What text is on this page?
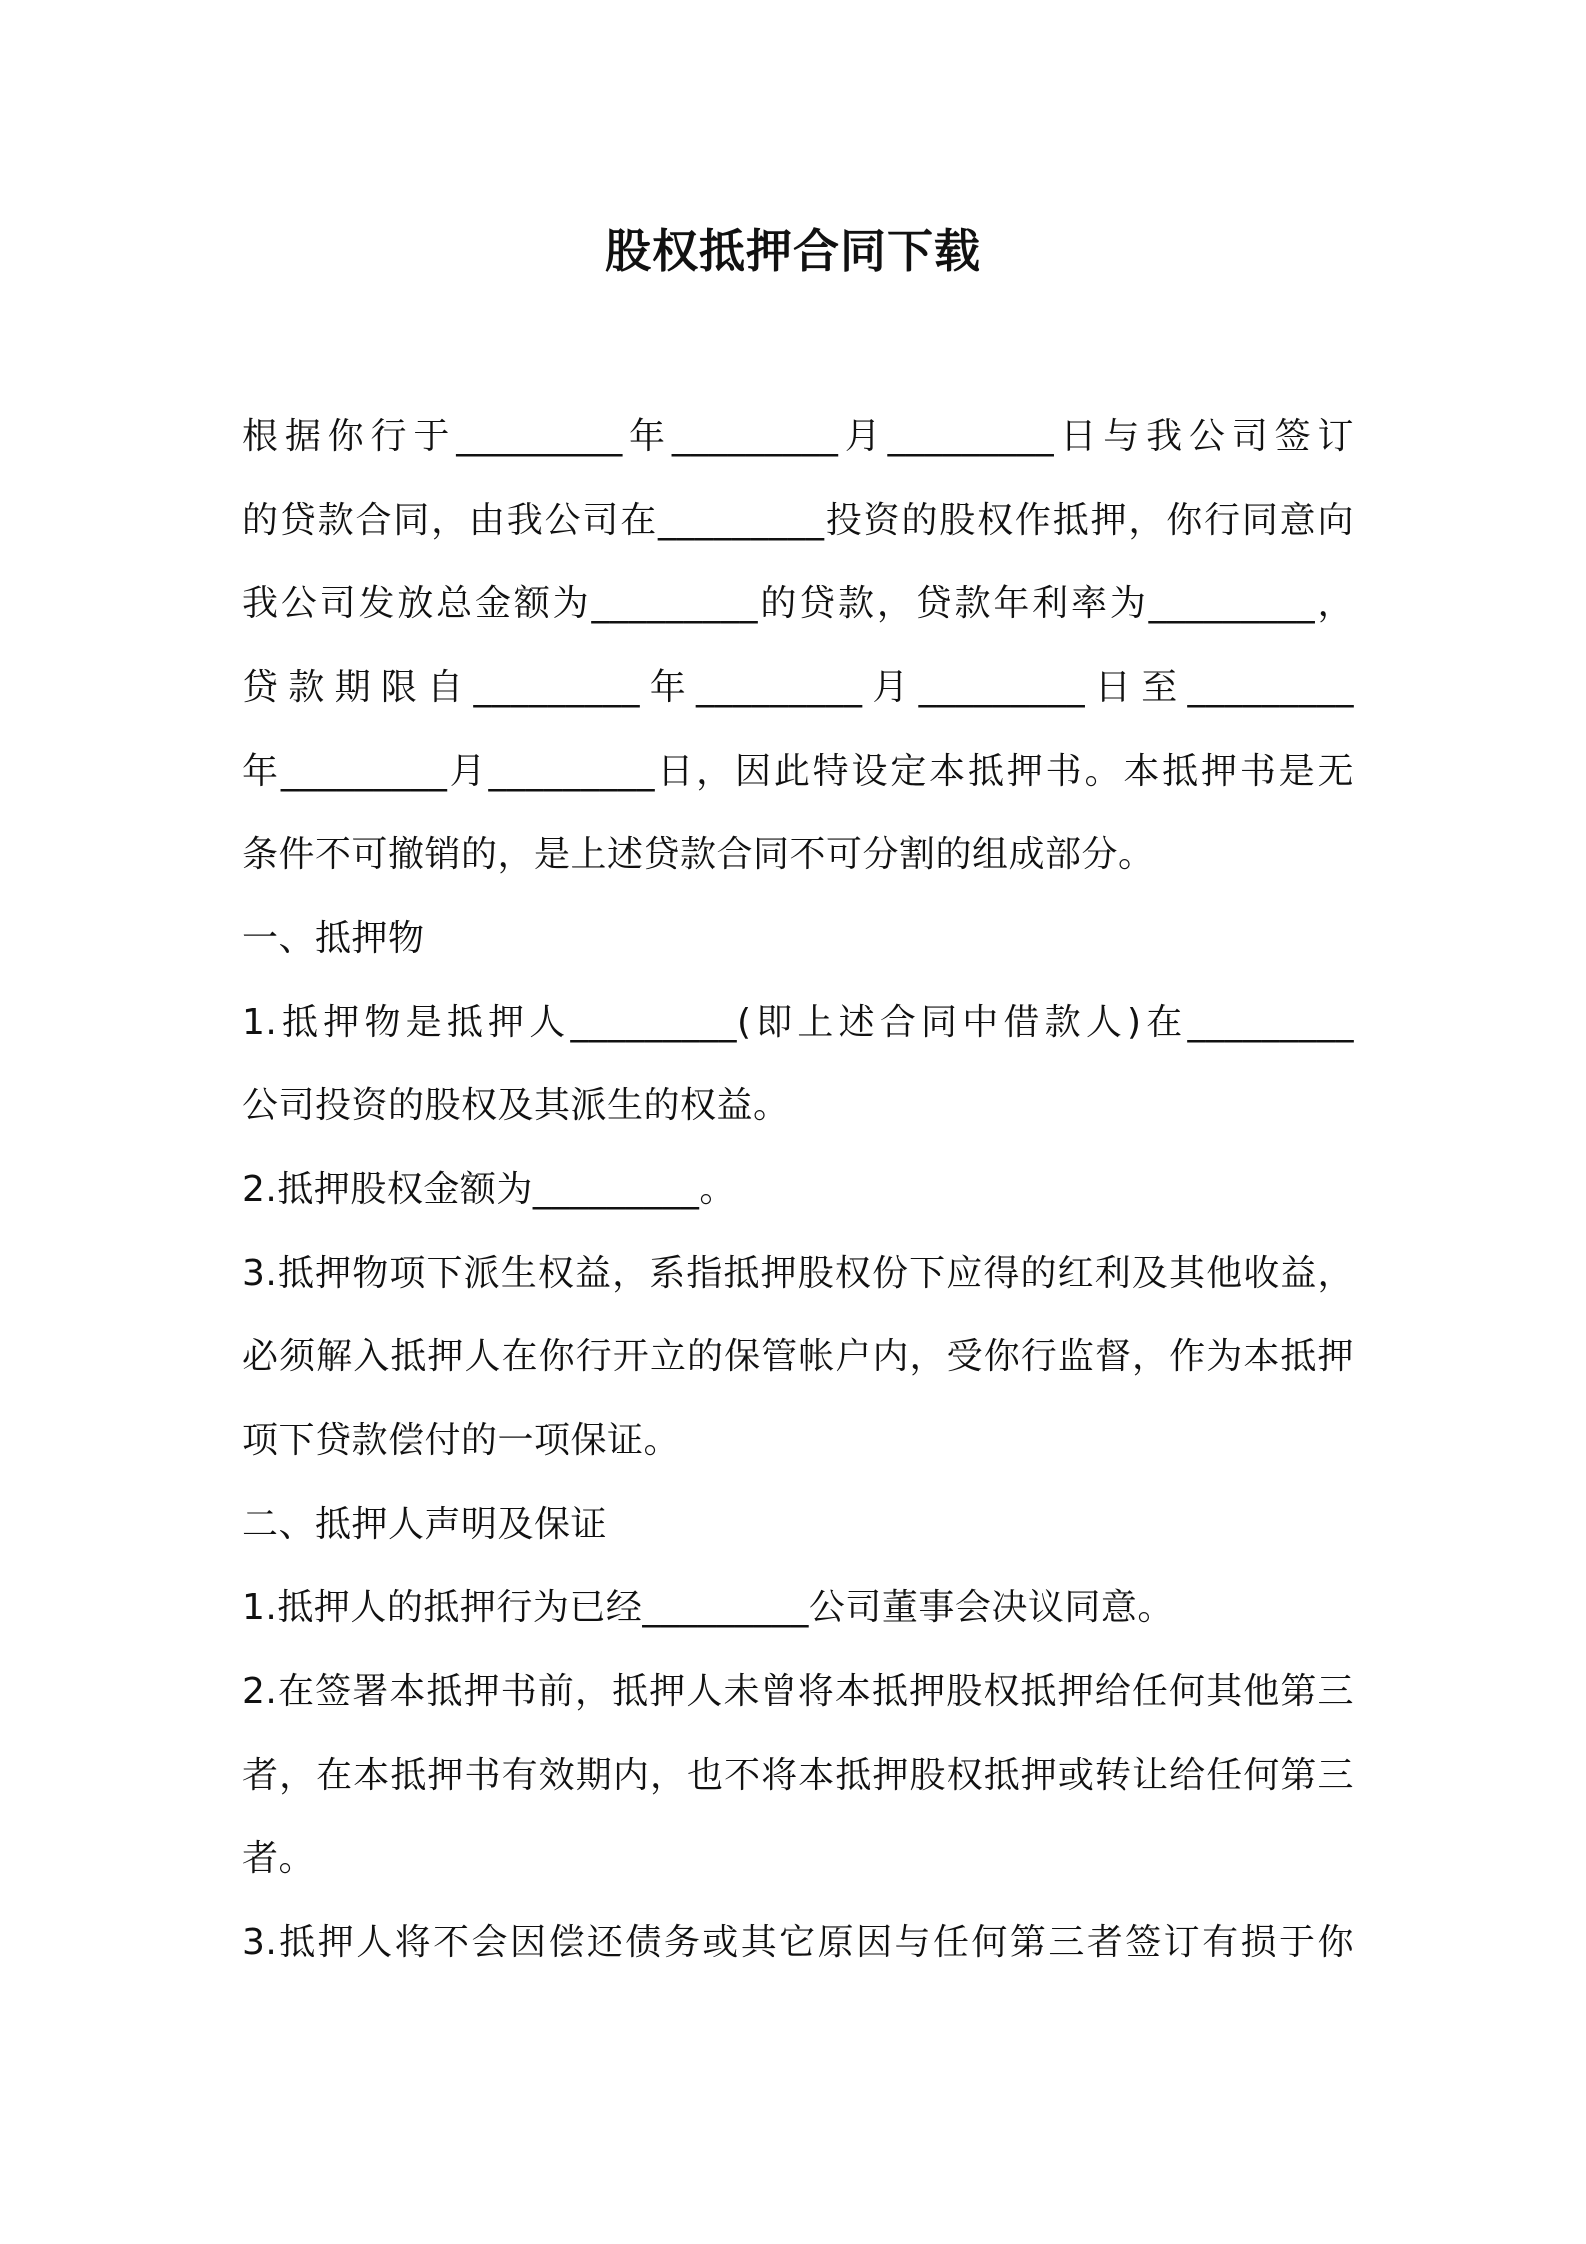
股权抵押合同下载
根据你行于_________年_________月_________日与我公司签订
的贷款合同，由我公司在_________投资的股权作抵押，你行同意向
我公司发放总金额为_________的贷款，贷款年利率为_________，
贷款期限自_________年_________月_________日至_________
年_________月_________日，因此特设定本抵押书。本抵押书是无
条件不可撤销的，是上述贷款合同不可分割的组成部分。
一、抵押物
1.抵押物是抵押人_________(即上述合同中借款人)在_________
公司投资的股权及其派生的权益。
2.抵押股权金额为_________。
3.抵押物项下派生权益，系指抵押股权份下应得的红利及其他收益，
必须解入抵押人在你行开立的保管帐户内，受你行监督，作为本抵押
项下贷款偿付的一项保证。
二、抵押人声明及保证
1.抵押人的抵押行为已经_________公司董事会决议同意。
2.在签署本抵押书前，抵押人未曾将本抵押股权抵押给任何其他第三
者，在本抵押书有效期内，也不将本抵押股权抵押或转让给任何第三
者。
3.抵押人将不会因偿还债务或其它原因与任何第三者签订有损于你
